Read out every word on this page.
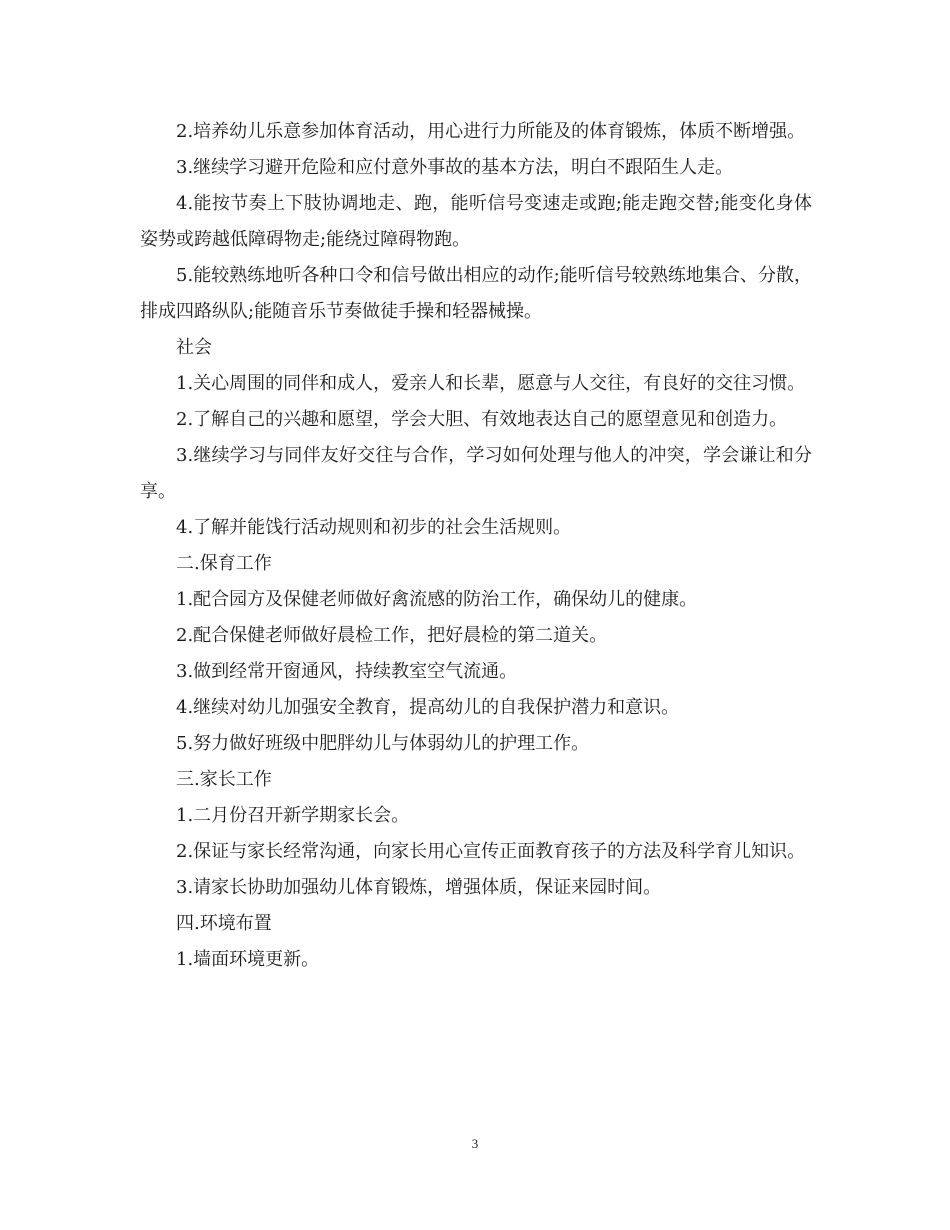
2.培养幼儿乐意参加体育活动，用心进行力所能及的体育锻炼，体质不断增强。

3.继续学习避开危险和应付意外事故的基本方法，明白不跟陌生人走。

4.能按节奏上下肢协调地走、跑，能听信号变速走或跑;能走跑交替;能变化身体姿势或跨越低障碍物走;能绕过障碍物跑。

5.能较熟练地听各种口令和信号做出相应的动作;能听信号较熟练地集合、分散，排成四路纵队;能随音乐节奏做徒手操和轻器械操。

社会

1.关心周围的同伴和成人，爱亲人和长辈，愿意与人交往，有良好的交往习惯。

2.了解自己的兴趣和愿望，学会大胆、有效地表达自己的愿望意见和创造力。

3.继续学习与同伴友好交往与合作，学习如何处理与他人的冲突，学会谦让和分享。

4.了解并能饯行活动规则和初步的社会生活规则。

二.保育工作

1.配合园方及保健老师做好禽流感的防治工作，确保幼儿的健康。

2.配合保健老师做好晨检工作，把好晨检的第二道关。

3.做到经常开窗通风，持续教室空气流通。

4.继续对幼儿加强安全教育，提高幼儿的自我保护潜力和意识。

5.努力做好班级中肥胖幼儿与体弱幼儿的护理工作。

三.家长工作

1.二月份召开新学期家长会。

2.保证与家长经常沟通，向家长用心宣传正面教育孩子的方法及科学育儿知识。

3.请家长协助加强幼儿体育锻炼，增强体质，保证来园时间。

四.环境布置

1.墙面环境更新。

3
